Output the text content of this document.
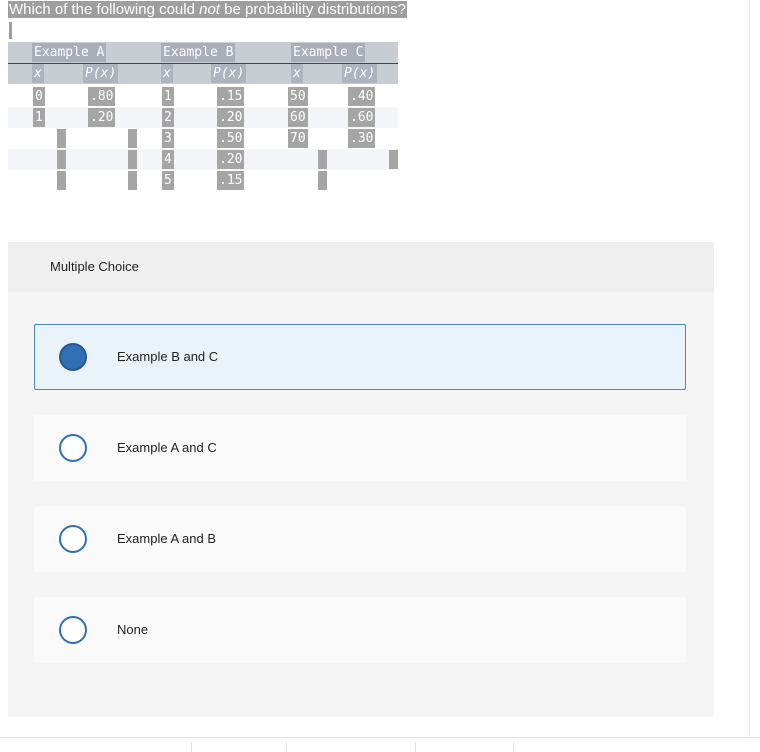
Which of the following could not be probability distributions?
Example A
x	P(x)
0	.80
1	.20
Example B
x	P(x)
1	.15
2	.20
3	.50
4	.20
5	.15
Example C
x	P(x)
50	.40
60	.60
70	.30
Multiple Choice
Example B and C
Example A and C
Example A and B
None
